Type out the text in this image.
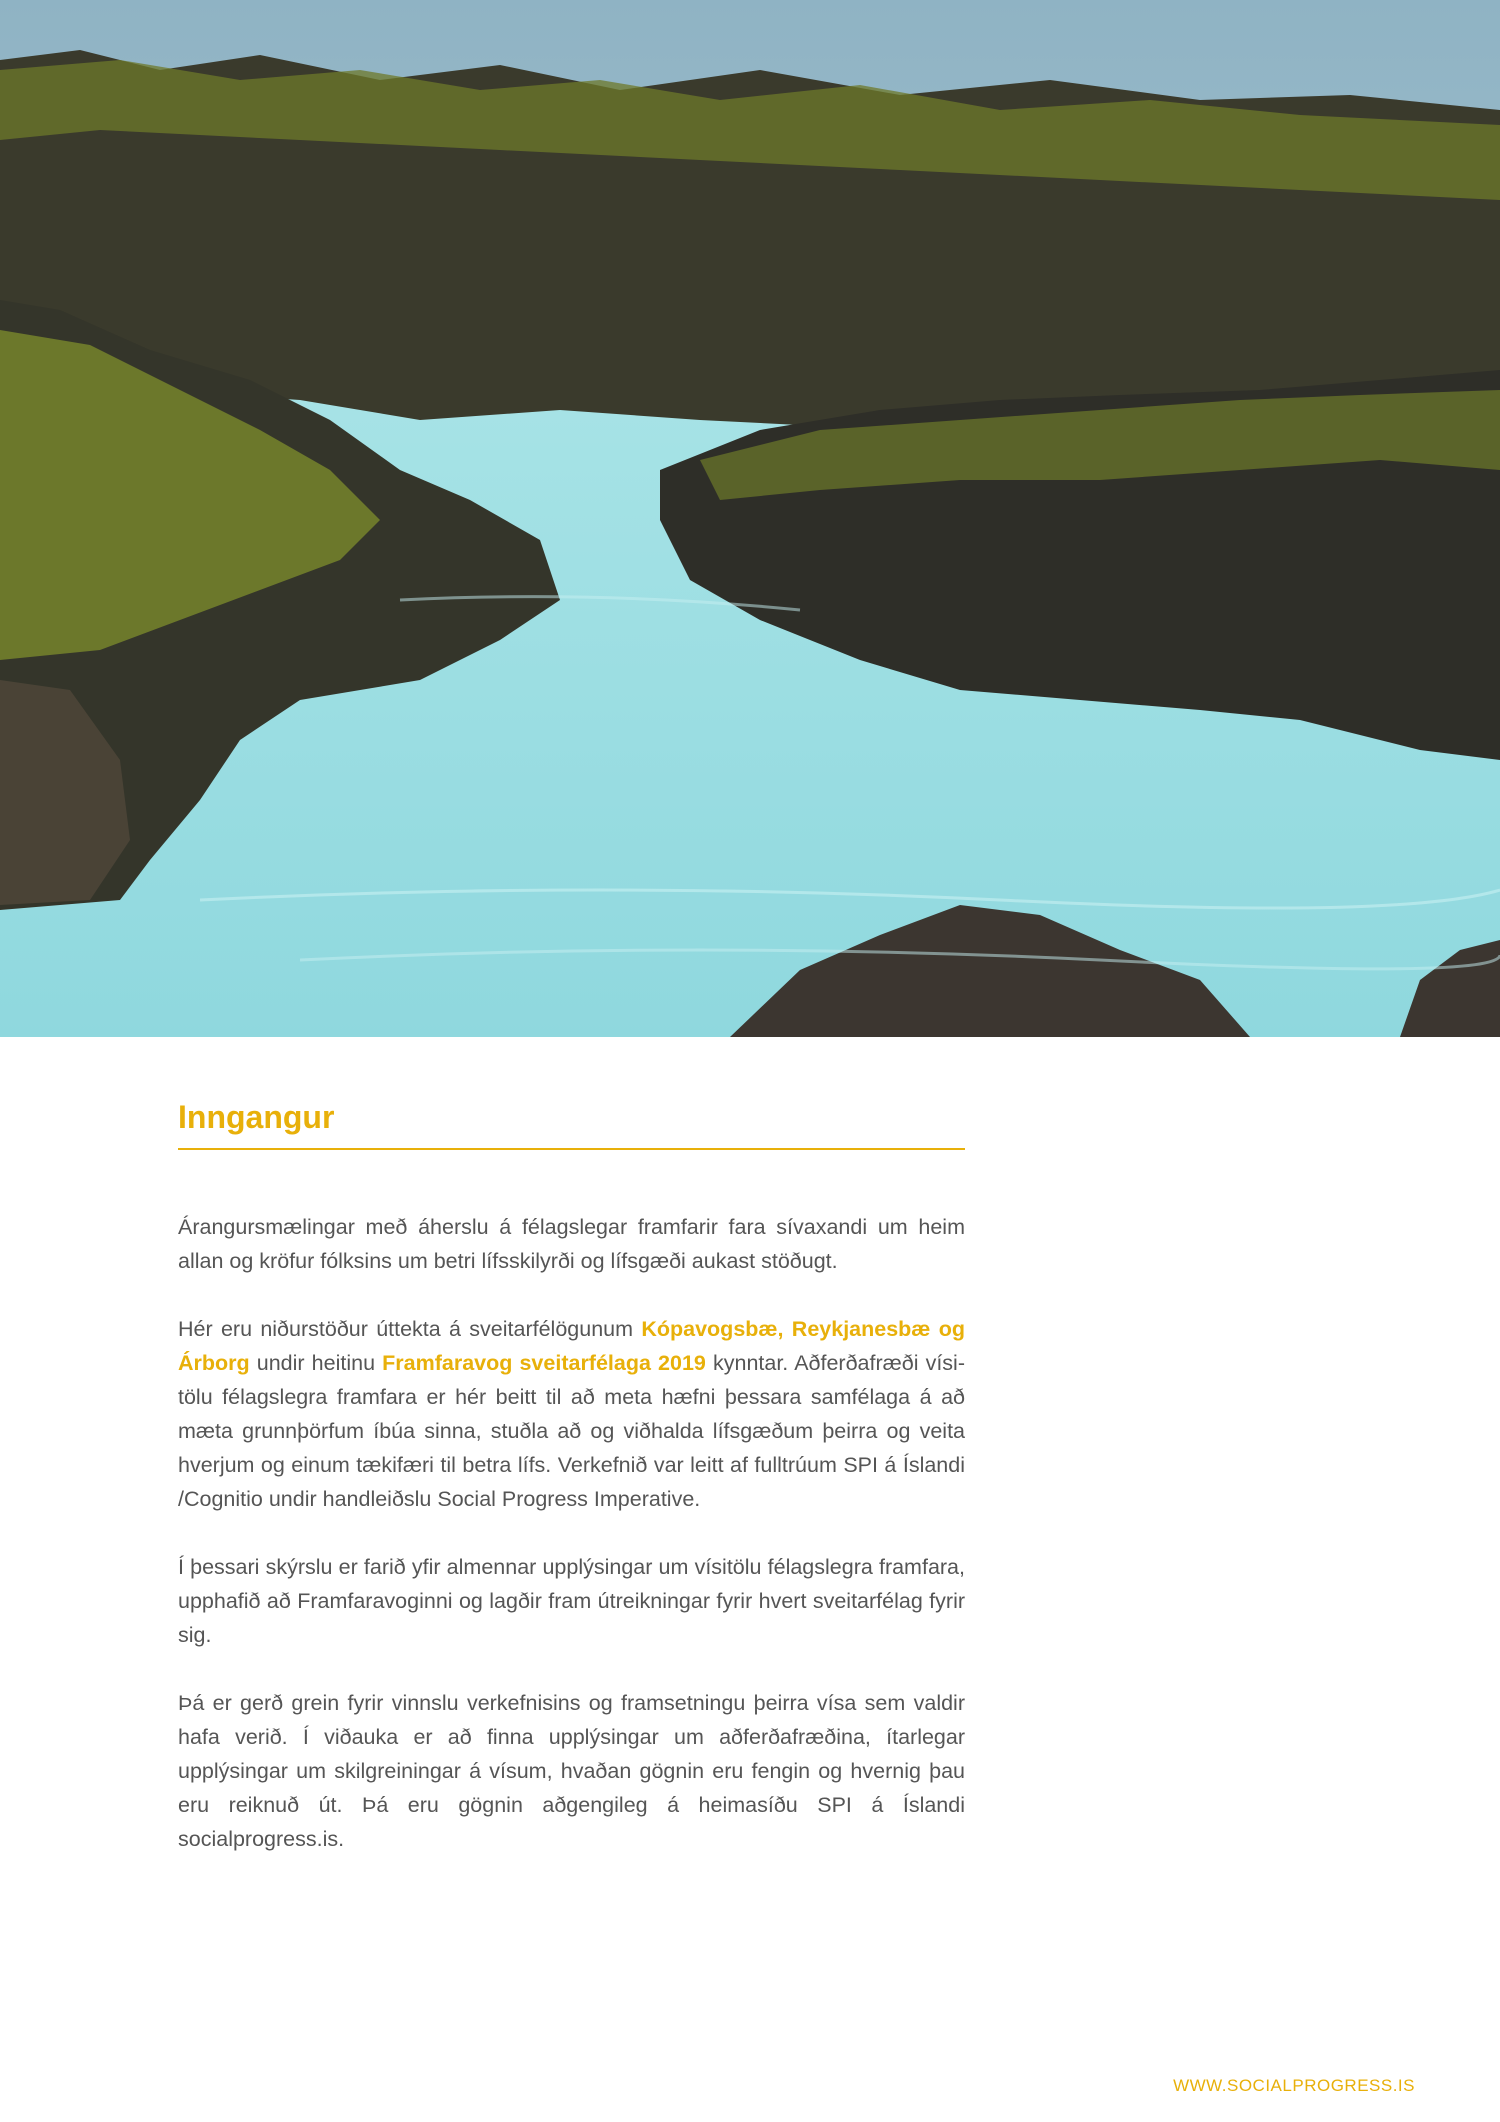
Inngangur

Árangursmælingar með áherslu á félagslegar framfarir fara sívaxandi um heim allan og kröfur fólksins um betri lífsskilyrði og lífsgæði aukast stöðugt.

Hér eru niðurstöður úttekta á sveitarfélögunum Kópavogsbæ, Reykjanesbæ og Árborg undir heitinu Framfaravog sveitarfélaga 2019 kynntar. Aðferðafræði vísitölu félagslegra framfara er hér beitt til að meta hæfni þessara samfélaga á að mæta grunnþörfum íbúa sinna, stuðla að og viðhalda lífsgæðum þeirra og veita hverjum og einum tækifæri til betra lífs. Verkefnið var leitt af fulltrúum SPI á Íslandi /Cognitio undir handleiðslu Social Progress Imperative.

Í þessari skýrslu er farið yfir almennar upplýsingar um vísitölu félagslegra framfara, upphafið að Framfaravoginni og lagðir fram útreikningar fyrir hvert sveitarfélag fyrir sig.

Þá er gerð grein fyrir vinnslu verkefnisins og framsetningu þeirra vísa sem valdir hafa verið. Í viðauka er að finna upplýsingar um aðferðafræðina, ítarlegar upplýsingar um skilgreiningar á vísum, hvaðan gögnin eru fengin og hvernig þau eru reiknuð út. Þá eru gögnin aðgengileg á heimasíðu SPI á Íslandi socialprogress.is.

WWW.SOCIALPROGRESS.IS
